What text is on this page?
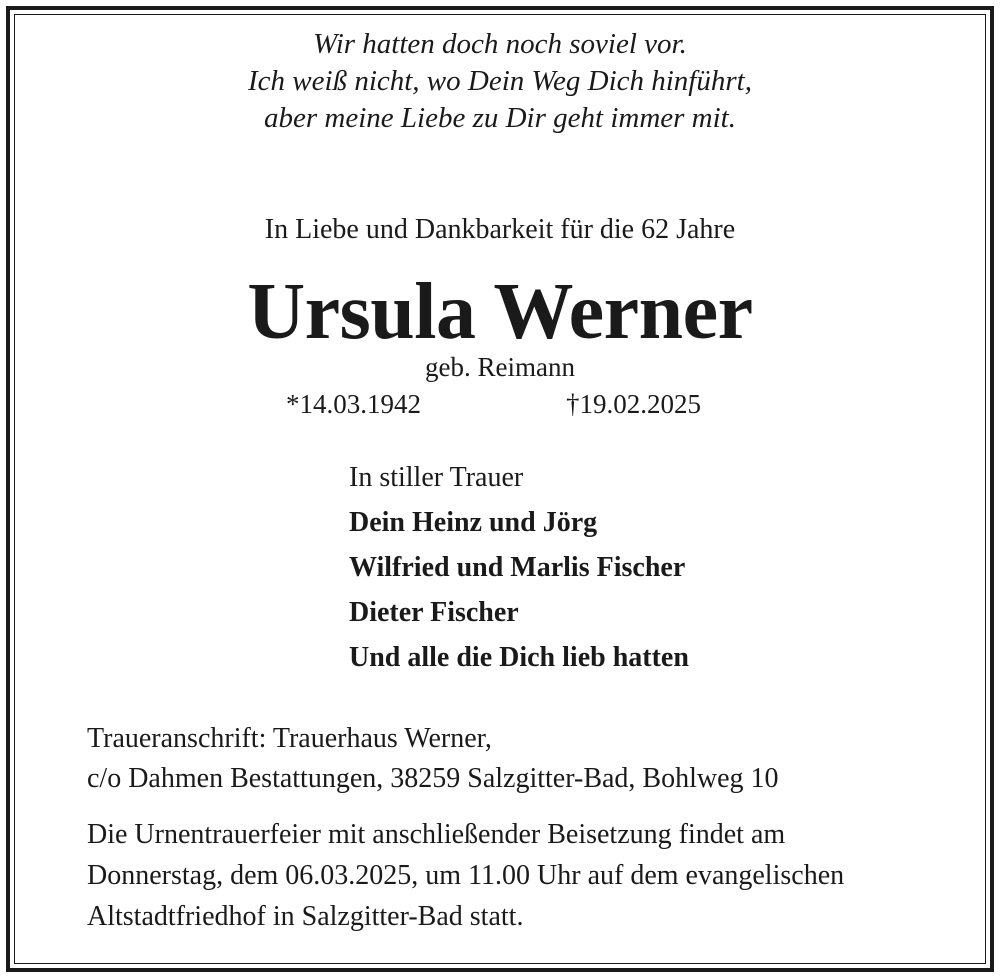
Wir hatten doch noch soviel vor.
Ich weiß nicht, wo Dein Weg Dich hinführt,
aber meine Liebe zu Dir geht immer mit.
In Liebe und Dankbarkeit für die 62 Jahre
Ursula Werner
geb. Reimann
*14.03.1942	†19.02.2025
In stiller Trauer
Dein Heinz und Jörg
Wilfried und Marlis Fischer
Dieter Fischer
Und alle die Dich lieb hatten
Traueranschrift: Trauerhaus Werner,
c/o Dahmen Bestattungen, 38259 Salzgitter-Bad, Bohlweg 10
Die Urnentrauerfeier mit anschließender Beisetzung findet am
Donnerstag, dem 06.03.2025, um 11.00 Uhr auf dem evangelischen
Altstadtfriedhof in Salzgitter-Bad statt.
